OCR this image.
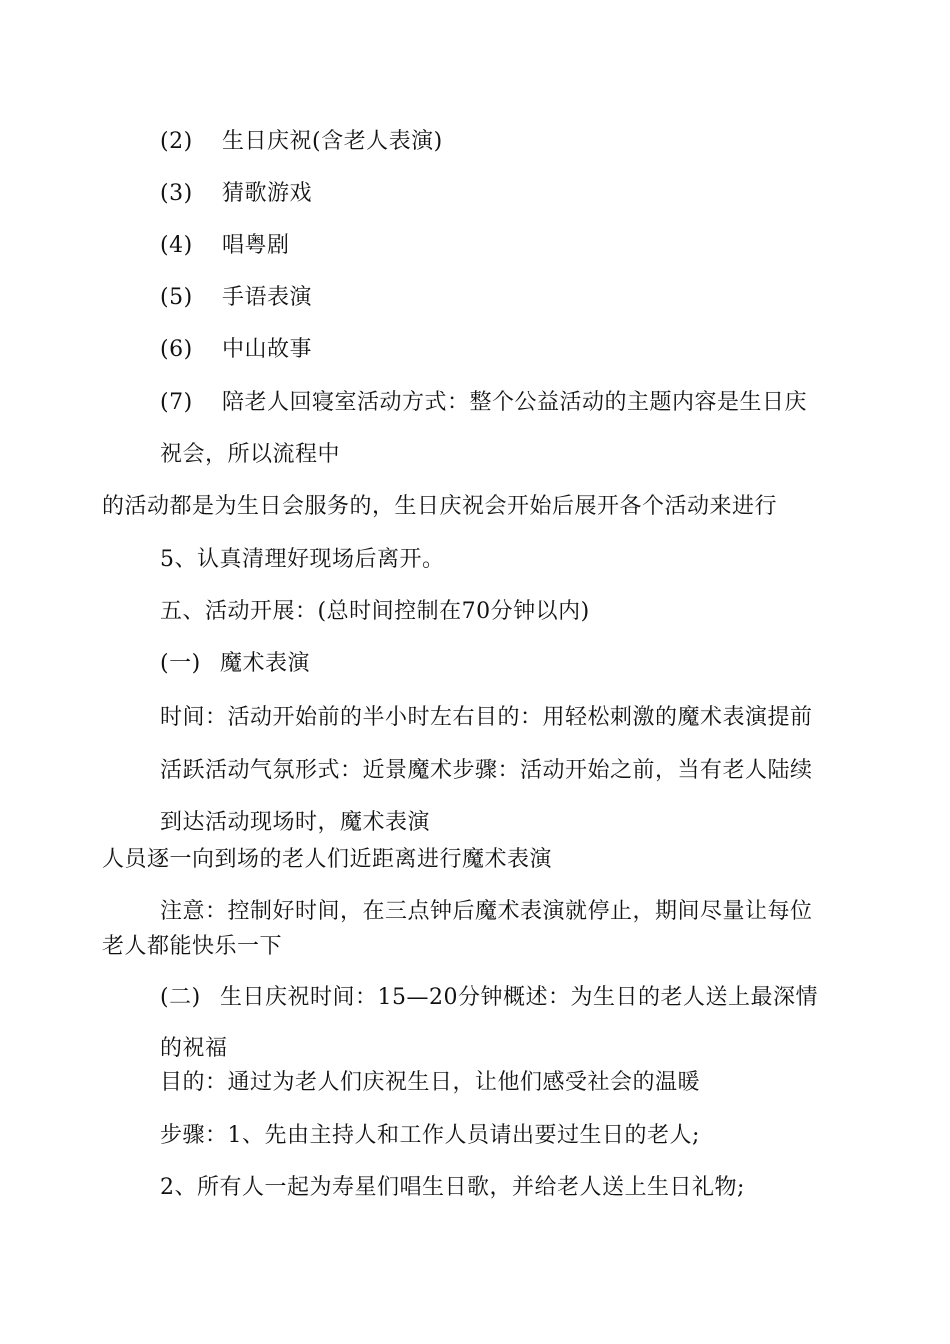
(2) 生日庆祝(含老人表演)
(3) 猜歌游戏
(4) 唱粤剧
(5) 手语表演
(6) 中山故事
(7) 陪老人回寝室活动方式：整个公益活动的主题内容是生日庆
祝会，所以流程中
的活动都是为生日会服务的，生日庆祝会开始后展开各个活动来进行
5、认真清理好现场后离开。
五、活动开展：(总时间控制在70分钟以内)
(一) 魔术表演
时间：活动开始前的半小时左右目的：用轻松刺激的魔术表演提前
活跃活动气氛形式：近景魔术步骤：活动开始之前，当有老人陆续
到达活动现场时，魔术表演
人员逐一向到场的老人们近距离进行魔术表演
注意：控制好时间，在三点钟后魔术表演就停止，期间尽量让每位
老人都能快乐一下
(二) 生日庆祝时间：15—20分钟概述：为生日的老人送上最深情
的祝福
目的：通过为老人们庆祝生日，让他们感受社会的温暖
步骤：1、先由主持人和工作人员请出要过生日的老人;
2、所有人一起为寿星们唱生日歌，并给老人送上生日礼物;
